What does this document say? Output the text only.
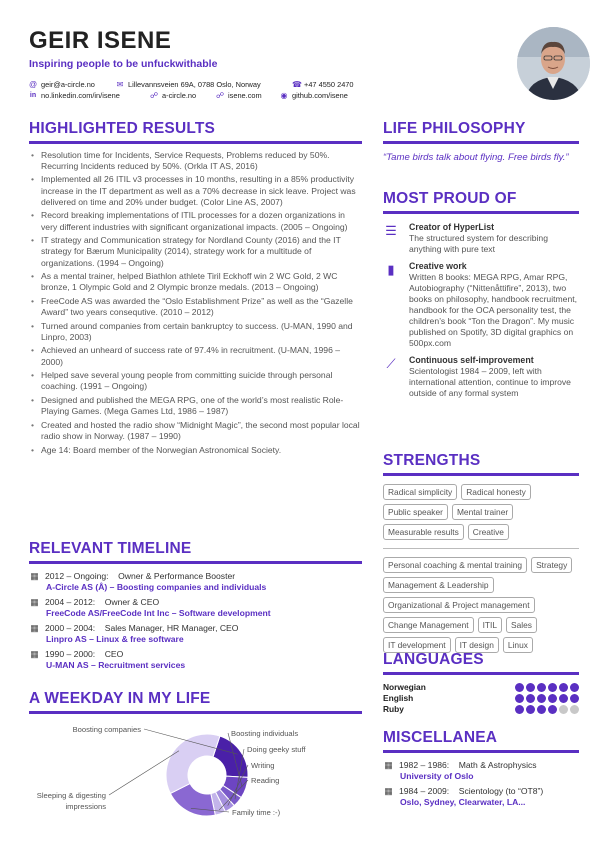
GEIR ISENE
Inspiring people to be unfuckwithable
@ geir@a-circle.no	✉ Lillevannsveien 69A, 0788 Oslo, Norway	☎ +47 4550 2470
in no.linkedin.com/in/isene	☍ a-circle.no ☍ isene.com ◉ github.com/isene
HIGHLIGHTED RESULTS
• Resolution time for Incidents, Service Requests, Problems reduced by 50%. Recurring Incidents reduced by 50%. (Orkla IT AS, 2016)
• Implemented all 26 ITIL v3 processes in 10 months, resulting in a 85% productivity increase in the IT department as well as a 70% decrease in sick leave. Project was delivered on time and 20% under budget. (Color Line AS, 2007)
• Record breaking implementations of ITIL processes for a dozen organizations in very different industries with significant organizational impacts. (2005 – Ongoing)
• IT strategy and Communication strategy for Nordland County (2016) and the IT strategy for Bærum Municipality (2014), strategy work for a multitude of organizations. (1994 – Ongoing)
• As a mental trainer, helped Biathlon athlete Tiril Eckhoff win 2 WC Gold, 2 WC bronze, 1 Olympic Gold and 2 Olympic bronze medals. (2013 – Ongoing)
• FreeCode AS was awarded the “Oslo Establishment Prize” as well as the “Gazelle Award” two years consequtive. (2010 – 2012)
• Turned around companies from certain bankruptcy to success. (U-MAN, 1990 and Linpro, 2003)
• Achieved an unheard of success rate of 97.4% in recruitment. (U-MAN, 1996 – 2000)
• Helped save several young people from committing suicide through personal coaching. (1991 – Ongoing)
• Designed and published the MEGA RPG, one of the world’s most realistic Role-Playing Games. (Mega Games Ltd, 1986 – 1987)
• Created and hosted the radio show “Midnight Magic”, the second most popular local radio show in Norway. (1987 – 1990)
• Age 14: Board member of the Norwegian Astronomical Society.
RELEVANT TIMELINE
▦ 2012 – Ongoing:    Owner & Performance Booster
A-Circle AS (Å) – Boosting companies and individuals
▦ 2004 – 2012:    Owner & CEO
FreeCode AS/FreeCode Int Inc – Software development
▦ 2000 – 2004:    Sales Manager, HR Manager, CEO
Linpro AS – Linux & free software
▦ 1990 – 2000:    CEO
U-MAN AS – Recruitment services
A WEEKDAY IN MY LIFE
Boosting companies	Boosting individuals
Doing geeky stuff
Writing
Reading
Family time :-)
Sleeping & digesting impressions
LIFE PHILOSOPHY
“Tame birds talk about flying. Free birds fly.”
MOST PROUD OF
☰ Creator of HyperList
The structured system for describing anything with pure text
▮	Creative work
Written 8 books: MEGA RPG, Amar RPG, Autobiography (“Nittenåttifire”, 2013), two books on philosophy, handbook recruitment, handbook for the OCA personality test, the children’s book “Ton the Dragon”. My music published on Spotify, 3D digital graphics on 500px.com
⟋	Continuous self-improvement
Scientologist 1984 – 2009, left with international attention, continue to improve outside of any formal system
STRENGTHS
Radical simplicity	Radical honesty
Public speaker	Mental trainer
Measurable results	Creative
Personal coaching & mental training	Strategy
Management & Leadership
Organizational & Project management
Change Management	ITIL	Sales
IT development	IT design	Linux
LANGUAGES
Norwegian
English
Ruby
MISCELLANEA
▦ 1982 – 1986:    Math & Astrophysics
University of Oslo
▦ 1984 – 2009:    Scientology (to “OT8”)
Oslo, Sydney, Clearwater, LA...
